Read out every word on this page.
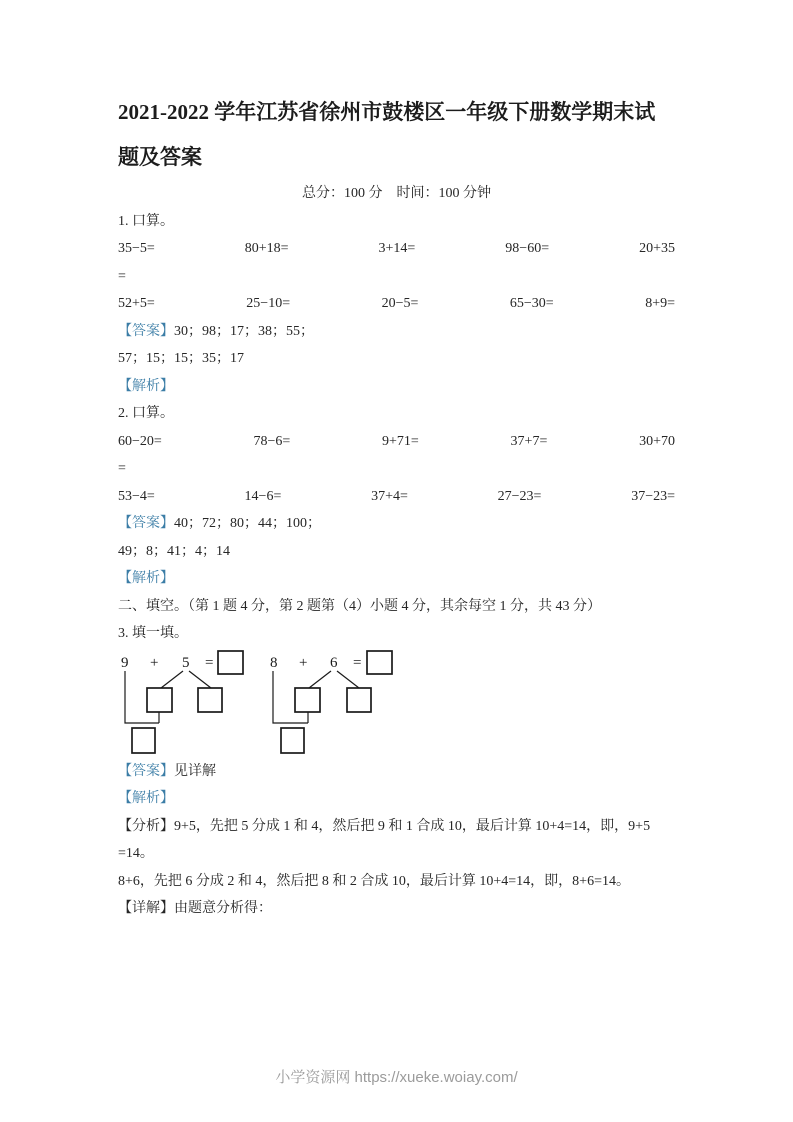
2021-2022 学年江苏省徐州市鼓楼区一年级下册数学期末试
题及答案

总分：100 分　时间：100 分钟

1. 口算。

35−5=	80+18=	3+14=	98−60=	20+35

=

52+5=	25−10=	20−5=	65−30=	8+9=

【答案】30；98；17；38；55；

57；15；15；35；17

【解析】

2. 口算。

60−20=	78−6=	9+71=	37+7=	30+70

=

53−4=	14−6=	37+4=	27−23=	37−23=

【答案】40；72；80；44；100；

49；8；41；4；14

【解析】

二、填空。（第 1 题 4 分，第 2 题第（4）小题 4 分，其余每空 1 分，共 43 分）

3. 填一填。

9 + 5 =	8 + 6 =

【答案】见详解

【解析】

【分析】9+5，先把 5 分成 1 和 4，然后把 9 和 1 合成 10，最后计算 10+4=14，即，9+5

=14。

8+6，先把 6 分成 2 和 4，然后把 8 和 2 合成 10，最后计算 10+4=14，即，8+6=14。

【详解】由题意分析得：

小学资源网 https://xueke.woiay.com/
